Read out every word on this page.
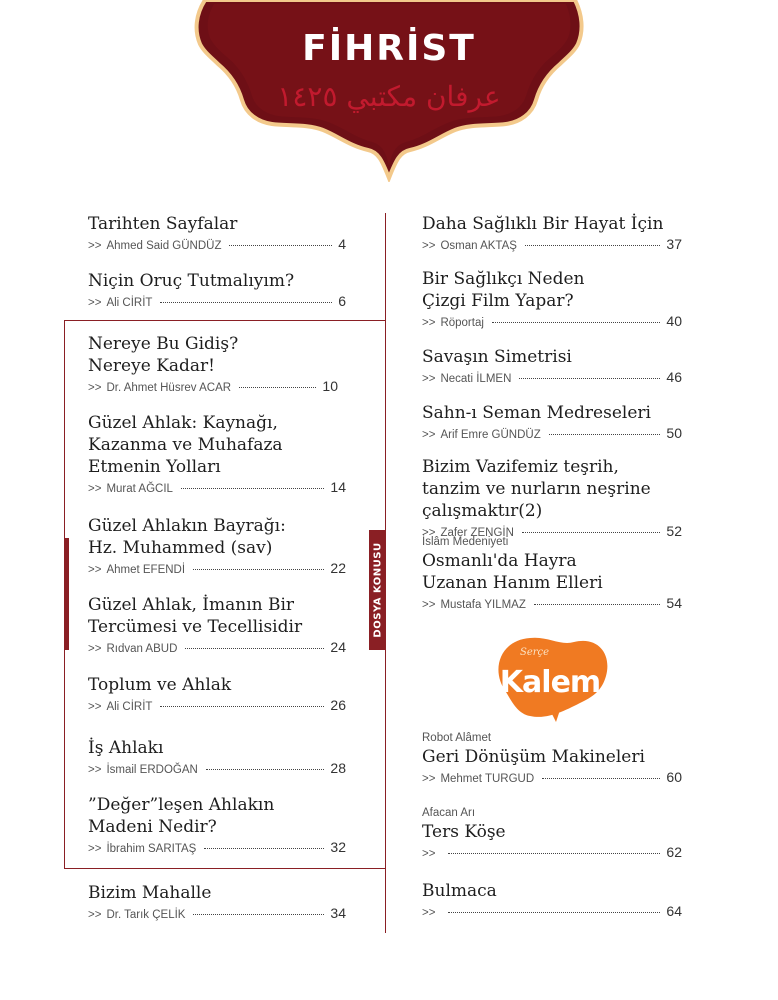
FİHRİST
عرفان مكتبي ١٤٢٥
DOSYA KONUSU
Tarihten Sayfalar
>> Ahmed Said GÜNDÜZ	4
Niçin Oruç Tutmalıyım?
>> Ali CİRİT	6
Nereye Bu Gidiş? Nereye Kadar!
>> Dr. Ahmet Hüsrev ACAR	10
Güzel Ahlak: Kaynağı, Kazanma ve Muhafaza Etmenin Yolları
>> Murat AĞCIL	14
Güzel Ahlakın Bayrağı: Hz. Muhammed (sav)
>> Ahmet EFENDİ	22
Güzel Ahlak, İmanın Bir Tercümesi ve Tecellisidir
>> Rıdvan ABUD	24
Toplum ve Ahlak
>> Ali CİRİT	26
İş Ahlakı
>> İsmail ERDOĞAN	28
”Değer”leşen Ahlakın Madeni Nedir?
>> İbrahim SARITAŞ	32
Bizim Mahalle
>> Dr. Tarık ÇELİK	34
Daha Sağlıklı Bir Hayat İçin
>> Osman AKTAŞ	37
Bir Sağlıkçı Neden Çizgi Film Yapar?
>> Röportaj	40
Savaşın Simetrisi
>> Necati İLMEN	46
Sahn-ı Seman Medreseleri
>> Arif Emre GÜNDÜZ	50
Bizim Vazifemiz teşrih, tanzim ve nurların neşrine çalışmaktır(2)
>> Zafer ZENGİN	52
İslâm Medeniyeti
Osmanlı'da Hayra Uzanan Hanım Elleri
>> Mustafa YILMAZ	54
Serçe
Kalem
Robot Alâmet
Geri Dönüşüm Makineleri
>> Mehmet TURGUD	60
Afacan Arı
Ters Köşe
>>	62
Bulmaca
>>	64
